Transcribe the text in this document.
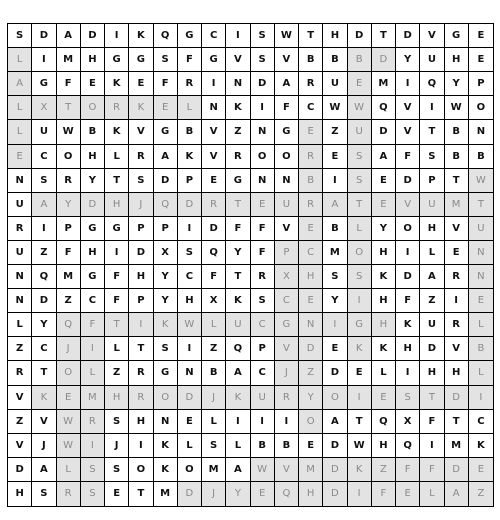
S	D	A	D	I	K	Q	G	C	I	S	W	T	H	D	T	D	V	G	E
L	I	M	H	G	G	S	F	G	V	S	V	B	B	B	D	Y	U	H	E
A	G	F	E	K	E	F	R	I	N	D	A	R	U	E	M	I	Q	Y	P
L	X	T	O	R	K	E	L	N	K	I	F	C	W	W	Q	V	I	W	O
L	U	W	B	K	V	G	B	V	Z	N	G	E	Z	U	D	V	T	B	N
E	C	O	H	L	R	A	K	V	R	O	O	R	E	S	A	F	S	B	B
N	S	R	Y	T	S	D	P	E	G	N	N	B	I	S	E	D	P	T	W
U	A	Y	D	H	J	Q	D	R	T	E	U	R	A	T	E	V	U	M	T
R	I	P	G	G	P	P	I	D	F	F	V	E	B	L	Y	O	H	V	U
U	Z	F	H	I	D	X	S	Q	Y	F	P	C	M	O	H	I	L	E	N
N	Q	M	G	F	H	Y	C	F	T	R	X	H	S	S	K	D	A	R	N
N	D	Z	C	F	P	Y	H	X	K	S	C	E	Y	I	H	F	Z	I	E
L	Y	Q	F	T	I	K	W	L	U	C	G	N	I	G	H	K	U	R	L
Z	C	J	I	L	T	S	I	Z	Q	P	V	D	E	K	K	H	D	V	B
R	T	O	L	Z	R	G	N	B	A	C	J	Z	D	E	L	I	H	H	L
V	K	E	M	H	R	O	D	J	K	U	R	Y	O	I	E	S	T	D	I
Z	V	W	R	S	H	N	E	L	I	I	I	O	A	T	Q	X	F	T	C
V	J	W	I	J	I	K	L	S	L	B	B	E	D	W	H	Q	I	M	K
D	A	L	S	S	O	K	O	M	A	W	V	M	D	K	Z	F	F	D	E
H	S	R	S	E	T	M	D	J	Y	E	Q	H	D	I	F	E	L	A	Z
